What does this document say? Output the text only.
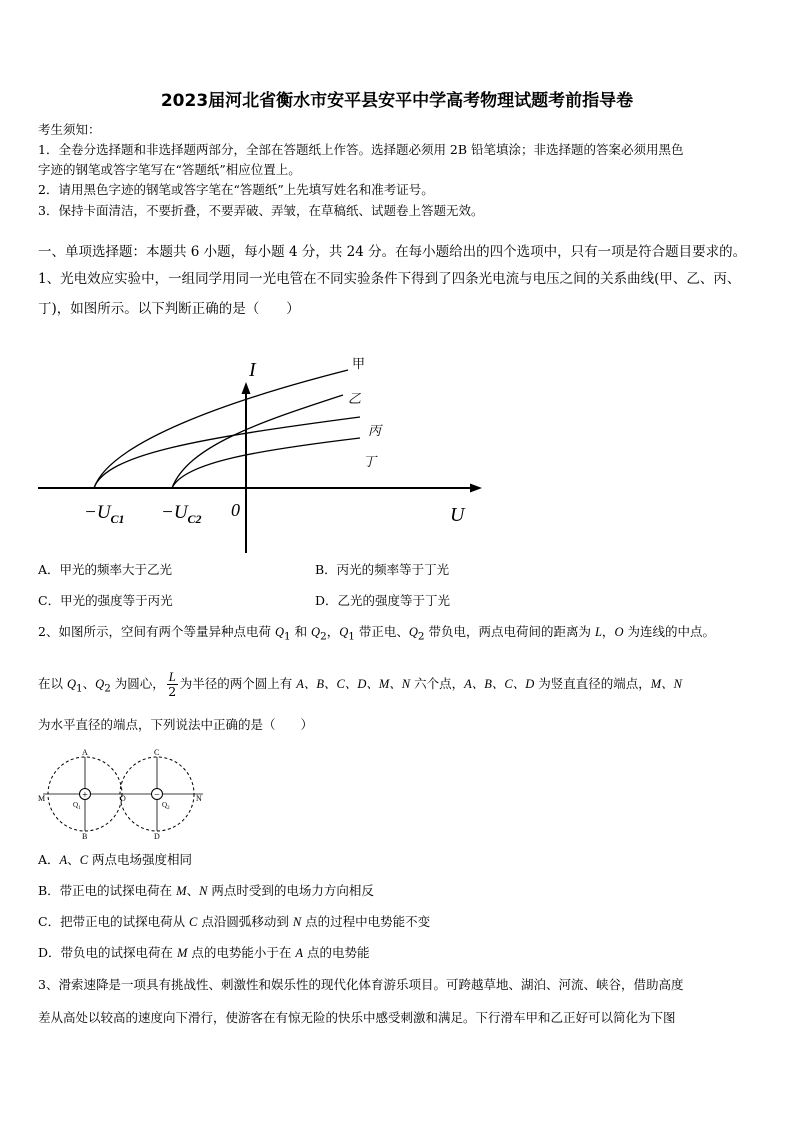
2023届河北省衡水市安平县安平中学高考物理试题考前指导卷
考生须知：
1．全卷分选择题和非选择题两部分，全部在答题纸上作答。选择题必须用 2B 铅笔填涂；非选择题的答案必须用黑色
字迹的钢笔或答字笔写在“答题纸”相应位置上。
2．请用黑色字迹的钢笔或答字笔在“答题纸”上先填写姓名和准考证号。
3．保持卡面清洁，不要折叠，不要弄破、弄皱，在草稿纸、试题卷上答题无效。
一、单项选择题：本题共 6 小题，每小题 4 分，共 24 分。在每小题给出的四个选项中，只有一项是符合题目要求的。
1、光电效应实验中，一组同学用同一光电管在不同实验条件下得到了四条光电流与电压之间的关系曲线(甲、乙、丙、
丁)，如图所示。以下判断正确的是（　　）
I
U
0
甲
乙
丙
丁
$-U_{C1} -U_{C2}$
A．甲光的频率大于乙光	B．丙光的频率等于丁光
C．甲光的强度等于丙光	D．乙光的强度等于丁光
2、如图所示，空间有两个等量异种点电荷 $Q_1$ 和 $Q_2$，$Q_1$ 带正电、$Q_2$ 带负电，两点电荷间的距离为 L，O 为连线的中点。
在以 $Q_1$、$Q_2$ 为圆心， $\frac{L}{2}$ 为半径的两个圆上有 A、B、C、D、M、N 六个点，A、B、C、D 为竖直直径的端点，M、N
为水平直径的端点，下列说法中正确的是（　　）
+	−
A
B
C
D
M	N
O
$Q_1$	$Q_2$
A．A、C 两点电场强度相同
B．带正电的试探电荷在 M、N 两点时受到的电场力方向相反
C．把带正电的试探电荷从 C 点沿圆弧移动到 N 点的过程中电势能不变
D．带负电的试探电荷在 M 点的电势能小于在 A 点的电势能
3、滑索速降是一项具有挑战性、刺激性和娱乐性的现代化体育游乐项目。可跨越草地、湖泊、河流、峡谷，借助高度
差从高处以较高的速度向下滑行，使游客在有惊无险的快乐中感受刺激和满足。下行滑车甲和乙正好可以简化为下图
